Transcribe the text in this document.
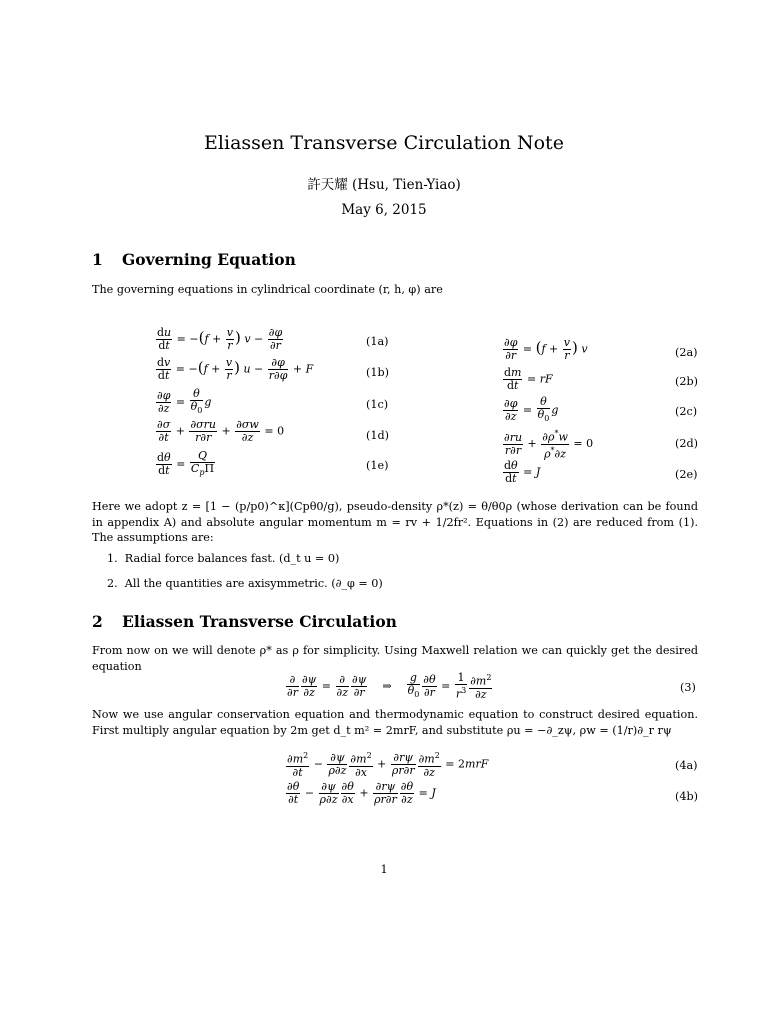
Eliassen Transverse Circulation Note
許天耀 (Hsu, Tien-Yiao)
May 6, 2015
1 Governing Equation
The governing equations in cylindrical coordinate (r, h, φ) are
$\frac{du}{dt} = -(f + \frac{v}{r}$ ) $v - \frac{\partial\varphi}{\partial r}$	(1a)
$\frac{dv}{dt} = -(f + \frac{v}{r}$ ) $u - \frac{\partial\varphi}{r\partial\varphi} + F$	(1b)
$\frac{\partial\varphi}{\partial z} = \frac{\theta}{\theta_0}$ g	(1c)
$\frac{\partial\sigma}{\partial t} + \frac{\text{∂σru}}{r\partial r} + \frac{\partial\sigma w}{\partial z} = 0$	(1d)
$\frac{d\theta}{dt} = \frac{Q}{C_p\Pi}$	(1e)
$\frac{\partial\varphi}{\partial r} = (f + \frac{v}{r}$ ) v	(2a)
$\frac{dm}{dt}$ = rF	(2b)
$\frac{\partial\varphi}{\partial z} = \frac{\theta}{\theta_0}$ g	(2c)
$\frac{\partial ru}{r\partial r} + \frac{\partial\rho^*w}{\rho^*\partial z} = 0$	(2d)
$\frac{d\theta}{dt} = J$	(2e)
Here we adopt z = [1 − (p/p0)^κ](Cpθ0/g), pseudo-density ρ*(z) = θ/θ0ρ (whose derivation can be found in appendix A) and absolute angular momentum m = rv + 1/2fr². Equations in (2) are reduced from (1). The assumptions are:
1.  Radial force balances fast. (d_t u = 0)
2.  All the quantities are axisymmetric. (∂_φ = 0)
2 Eliassen Transverse Circulation
From now on we will denote ρ* as ρ for simplicity. Using Maxwell relation we can quickly get the desired equation
$\frac{\partial}{\partial r} \frac{\partial\psi}{\partial z} = \frac{\partial}{\partial z} \frac{\partial\psi}{\partial r}$ ⇒ $\frac{g}{\theta_0} \frac{\partial\theta}{\partial r} = \frac{1}{r^3} \frac{\partial m^2}{\partial z}$	(3)
Now we use angular conservation equation and thermodynamic equation to construct desired equation. First multiply angular equation by 2m get d_t m² = 2mrF, and substitute ρu = −∂_zψ, ρw = (1/r)∂_r rψ
$\frac{\partial m^2}{\partial t} - \frac{\partial\psi}{\rho\partial z} \frac{\partial m^2}{\partial x} + \frac{\partial r\psi}{\rho r\partial r} \frac{\partial m^2}{\partial z} = 2mrF$	(4a)
$\frac{\partial\theta}{\partial t} - \frac{\partial\psi}{\rho\partial z} \frac{\partial\theta}{\partial x} + \frac{\partial r\psi}{\rho r\partial r} \frac{\partial\theta}{\partial z} = J$	(4b)
1
